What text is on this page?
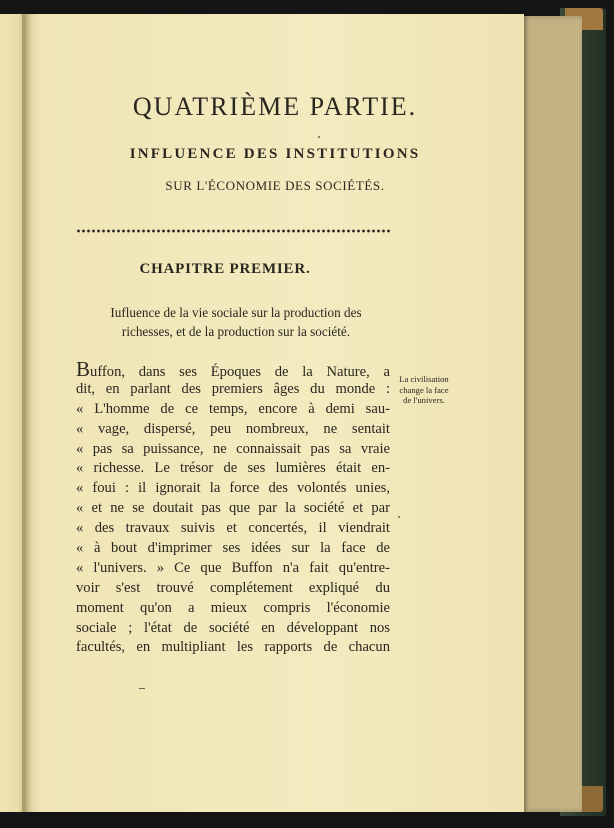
QUATRIÈME PARTIE.
INFLUENCE DES INSTITUTIONS
SUR L'ÉCONOMIE DES SOCIÉTÉS.
CHAPITRE PREMIER.
Iufluence de la vie sociale sur la production des
richesses, et de la production sur la société.
Buffon, dans ses Époques de la Nature, a
dit, en parlant des premiers âges du monde :
« L'homme de ce temps, encore à demi sau-
« vage, dispersé, peu nombreux, ne sentait
« pas sa puissance, ne connaissait pas sa vraie
« richesse. Le trésor de ses lumières était en-
« foui : il ignorait la force des volontés unies,
« et ne se doutait pas que par la société et par
« des travaux suivis et concertés, il viendrait
« à bout d'imprimer ses idées sur la face de
« l'univers. » Ce que Buffon n'a fait qu'entre-
voir s'est trouvé complétement expliqué du
moment qu'on a mieux compris l'économie
sociale ; l'état de société en développant nos
facultés, en multipliant les rapports de chacun
La civilisation
change la face
de l'univers.
